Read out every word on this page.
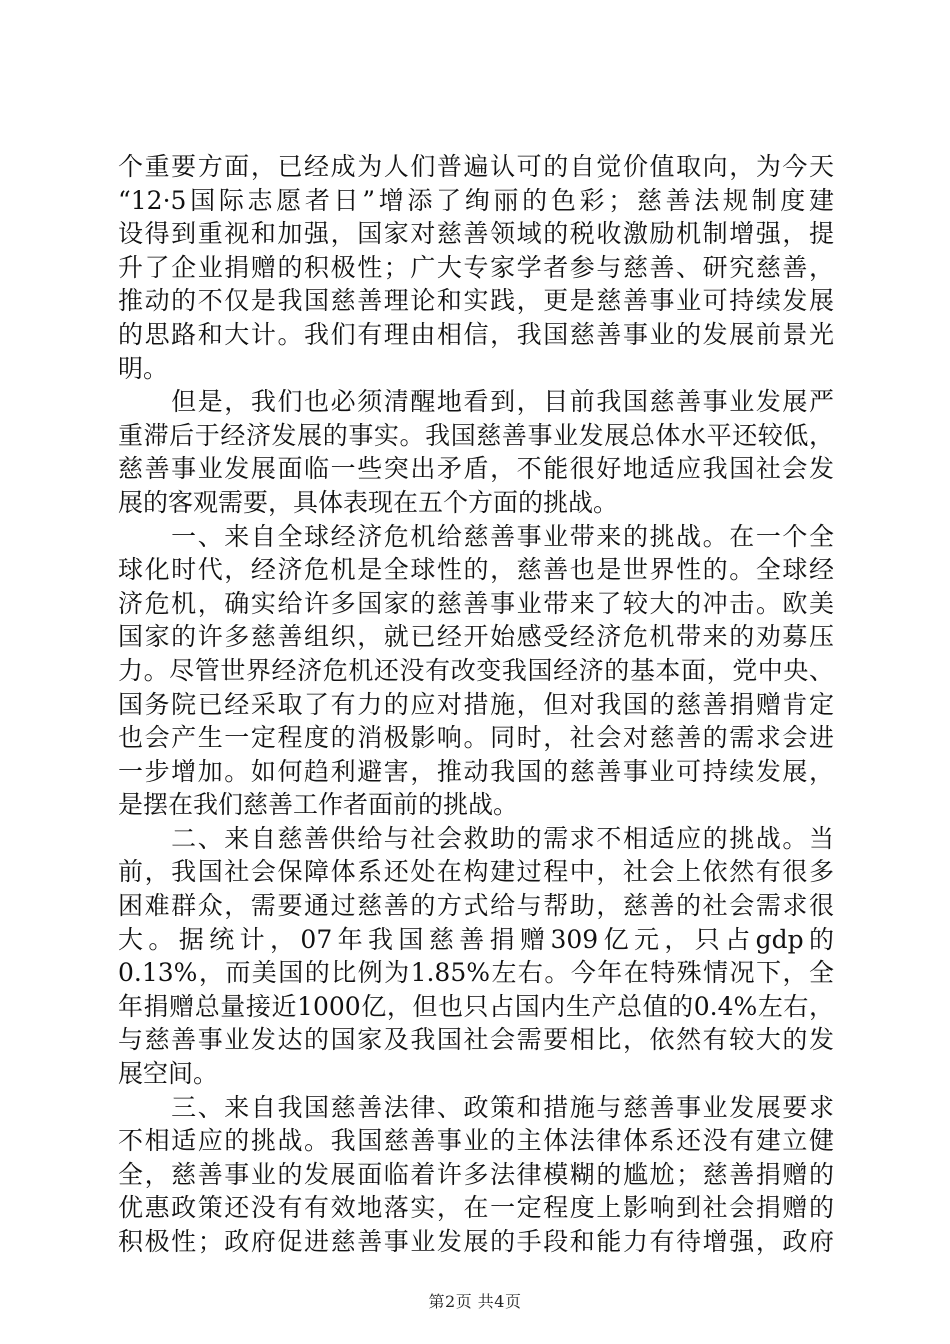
个重要方面，已经成为人们普遍认可的自觉价值取向，为今天
“12·5国际志愿者日”增添了绚丽的色彩；慈善法规制度建
设得到重视和加强，国家对慈善领域的税收激励机制增强，提
升了企业捐赠的积极性；广大专家学者参与慈善、研究慈善，
推动的不仅是我国慈善理论和实践，更是慈善事业可持续发展
的思路和大计。我们有理由相信，我国慈善事业的发展前景光
明。
　　但是，我们也必须清醒地看到，目前我国慈善事业发展严
重滞后于经济发展的事实。我国慈善事业发展总体水平还较低，
慈善事业发展面临一些突出矛盾，不能很好地适应我国社会发
展的客观需要，具体表现在五个方面的挑战。
　　一、来自全球经济危机给慈善事业带来的挑战。在一个全
球化时代，经济危机是全球性的，慈善也是世界性的。全球经
济危机，确实给许多国家的慈善事业带来了较大的冲击。欧美
国家的许多慈善组织，就已经开始感受经济危机带来的劝募压
力。尽管世界经济危机还没有改变我国经济的基本面，党中央、
国务院已经采取了有力的应对措施，但对我国的慈善捐赠肯定
也会产生一定程度的消极影响。同时，社会对慈善的需求会进
一步增加。如何趋利避害，推动我国的慈善事业可持续发展，
是摆在我们慈善工作者面前的挑战。
　　二、来自慈善供给与社会救助的需求不相适应的挑战。当
前，我国社会保障体系还处在构建过程中，社会上依然有很多
困难群众，需要通过慈善的方式给与帮助，慈善的社会需求很
大。据统计，07年我国慈善捐赠309亿元，只占gdp的
0.13%，而美国的比例为1.85%左右。今年在特殊情况下，全
年捐赠总量接近1000亿，但也只占国内生产总值的0.4%左右，
与慈善事业发达的国家及我国社会需要相比，依然有较大的发
展空间。
　　三、来自我国慈善法律、政策和措施与慈善事业发展要求
不相适应的挑战。我国慈善事业的主体法律体系还没有建立健
全，慈善事业的发展面临着许多法律模糊的尴尬；慈善捐赠的
优惠政策还没有有效地落实，在一定程度上影响到社会捐赠的
积极性；政府促进慈善事业发展的手段和能力有待增强，政府
第2页 共4页
